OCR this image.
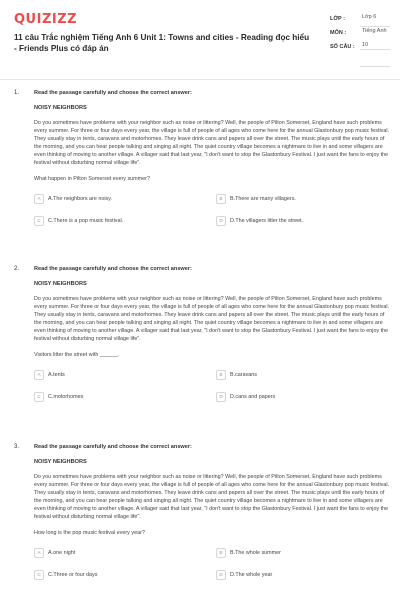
QUIZIZZ
11 câu Trắc nghiệm Tiếng Anh 6 Unit 1: Towns and cities - Reading đọc hiểu - Friends Plus có đáp án
LỚP :	Lớp 6
MÔN :	Tiếng Anh
SỐ CÂU :	10
1.	Read the passage carefully and choose the correct answer:
NOISY NEIGHBORS
Do you sometimes have problems with your neighbor such as noise or littering? Well, the people of Pilton Somerset, England have such problems every summer. For three or four days every year, the village is full of people of all ages who come here for the annual Glastonbury pop music festival. They usually stay in tents, caravans and motorhomes. They leave drink cans and papers all over the street. The music plays until the early hours of the morning, and you can hear people talking and singing all night. The quiet country village becomes a nightmare to live in and some villagers are even thinking of moving to another village. A villager said that last year, "I don't want to stop the Glastonbury Festival. I just want the fans to enjoy the festival without disturbing normal village life".
What happen in Pilton Somerset every summer?
A	A.The neighbors are noisy.	B	B.There are many villagers.
C	C.There is a pop music festival.	D	D.The villagers litter the street.
2.	Read the passage carefully and choose the correct answer:
NOISY NEIGHBORS
Do you sometimes have problems with your neighbor such as noise or littering? Well, the people of Pilton Somerset, England have such problems every summer. For three or four days every year, the village is full of people of all ages who come here for the annual Glastonbury pop music festival. They usually stay in tents, caravans and motorhomes. They leave drink cans and papers all over the street. The music plays until the early hours of the morning, and you can hear people talking and singing all night. The quiet country village becomes a nightmare to live in and some villagers are even thinking of moving to another village. A villager said that last year, "I don't want to stop the Glastonbury Festival. I just want the fans to enjoy the festival without disturbing normal village life".
Visitors litter the street with ______.
A	A.tents	B	B.caravans
C	C.motorhomes	D	D.cans and papers
3.	Read the passage carefully and choose the correct answer:
NOISY NEIGHBORS
Do you sometimes have problems with your neighbor such as noise or littering? Well, the people of Pilton Somerset, England have such problems every summer. For three or four days every year, the village is full of people of all ages who come here for the annual Glastonbury pop music festival. They usually stay in tents, caravans and motorhomes. They leave drink cans and papers all over the street. The music plays until the early hours of the morning, and you can hear people talking and singing all night. The quiet country village becomes a nightmare to live in and some villagers are even thinking of moving to another village. A villager said that last year, "I don't want to stop the Glastonbury Festival. I just want the fans to enjoy the festival without disturbing normal village life".
How long is the pop music festival every year?
A	A.one night	B	B.The whole summer
C	C.Three or four days	D	D.The whole year
